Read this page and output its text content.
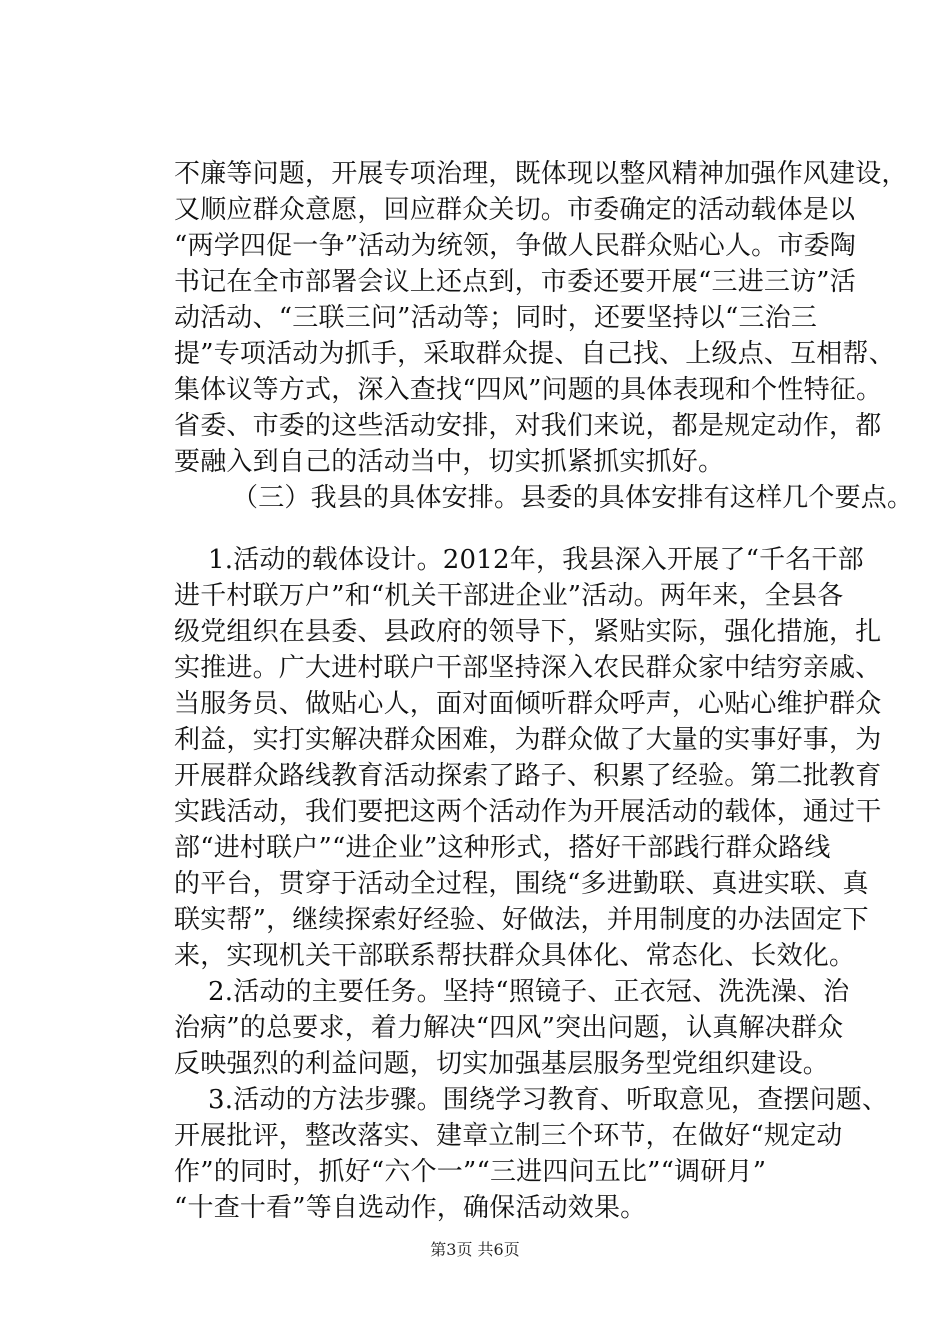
不廉等问题，开展专项治理，既体现以整风精神加强作风建设，
又顺应群众意愿，回应群众关切。市委确定的活动载体是以
“两学四促一争”活动为统领，争做人民群众贴心人。市委陶
书记在全市部署会议上还点到，市委还要开展“三进三访”活
动活动、“三联三问”活动等；同时，还要坚持以“三治三
提”专项活动为抓手，采取群众提、自己找、上级点、互相帮、
集体议等方式，深入查找“四风”问题的具体表现和个性特征。
省委、市委的这些活动安排，对我们来说，都是规定动作，都
要融入到自己的活动当中，切实抓紧抓实抓好。
（三）我县的具体安排。县委的具体安排有这样几个要点。
1.活动的载体设计。2012年，我县深入开展了“千名干部
进千村联万户”和“机关干部进企业”活动。两年来，全县各
级党组织在县委、县政府的领导下，紧贴实际，强化措施，扎
实推进。广大进村联户干部坚持深入农民群众家中结穷亲戚、
当服务员、做贴心人，面对面倾听群众呼声，心贴心维护群众
利益，实打实解决群众困难，为群众做了大量的实事好事，为
开展群众路线教育活动探索了路子、积累了经验。第二批教育
实践活动，我们要把这两个活动作为开展活动的载体，通过干
部“进村联户”“进企业”这种形式，搭好干部践行群众路线
的平台，贯穿于活动全过程，围绕“多进勤联、真进实联、真
联实帮”，继续探索好经验、好做法，并用制度的办法固定下
来，实现机关干部联系帮扶群众具体化、常态化、长效化。
2.活动的主要任务。坚持“照镜子、正衣冠、洗洗澡、治
治病”的总要求，着力解决“四风”突出问题，认真解决群众
反映强烈的利益问题，切实加强基层服务型党组织建设。
3.活动的方法步骤。围绕学习教育、听取意见，查摆问题、
开展批评，整改落实、建章立制三个环节，在做好“规定动
作”的同时，抓好“六个一”“三进四问五比”“调研月”
“十查十看”等自选动作，确保活动效果。
第3页 共6页
